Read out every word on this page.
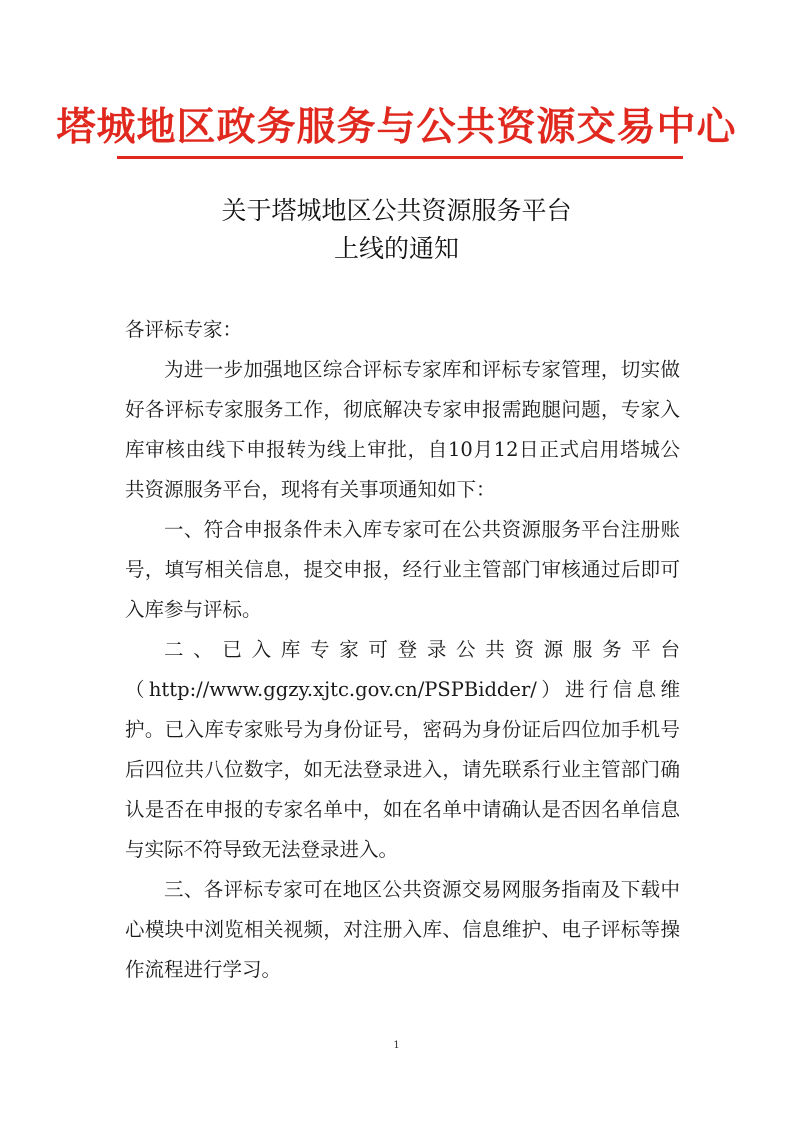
塔城地区政务服务与公共资源交易中心
关于塔城地区公共资源服务平台
上线的通知

各评标专家：

为进一步加强地区综合评标专家库和评标专家管理，切实做好各评标专家服务工作，彻底解决专家申报需跑腿问题，专家入库审核由线下申报转为线上审批，自10月12日正式启用塔城公共资源服务平台，现将有关事项通知如下：

一、符合申报条件未入库专家可在公共资源服务平台注册账号，填写相关信息，提交申报，经行业主管部门审核通过后即可入库参与评标。

二、已入库专家可登录公共资源服务平台（http://www.ggzy.xjtc.gov.cn/PSPBidder/）进行信息维护。已入库专家账号为身份证号，密码为身份证后四位加手机号后四位共八位数字，如无法登录进入，请先联系行业主管部门确认是否在申报的专家名单中，如在名单中请确认是否因名单信息与实际不符导致无法登录进入。

三、各评标专家可在地区公共资源交易网服务指南及下载中心模块中浏览相关视频，对注册入库、信息维护、电子评标等操作流程进行学习。

1
